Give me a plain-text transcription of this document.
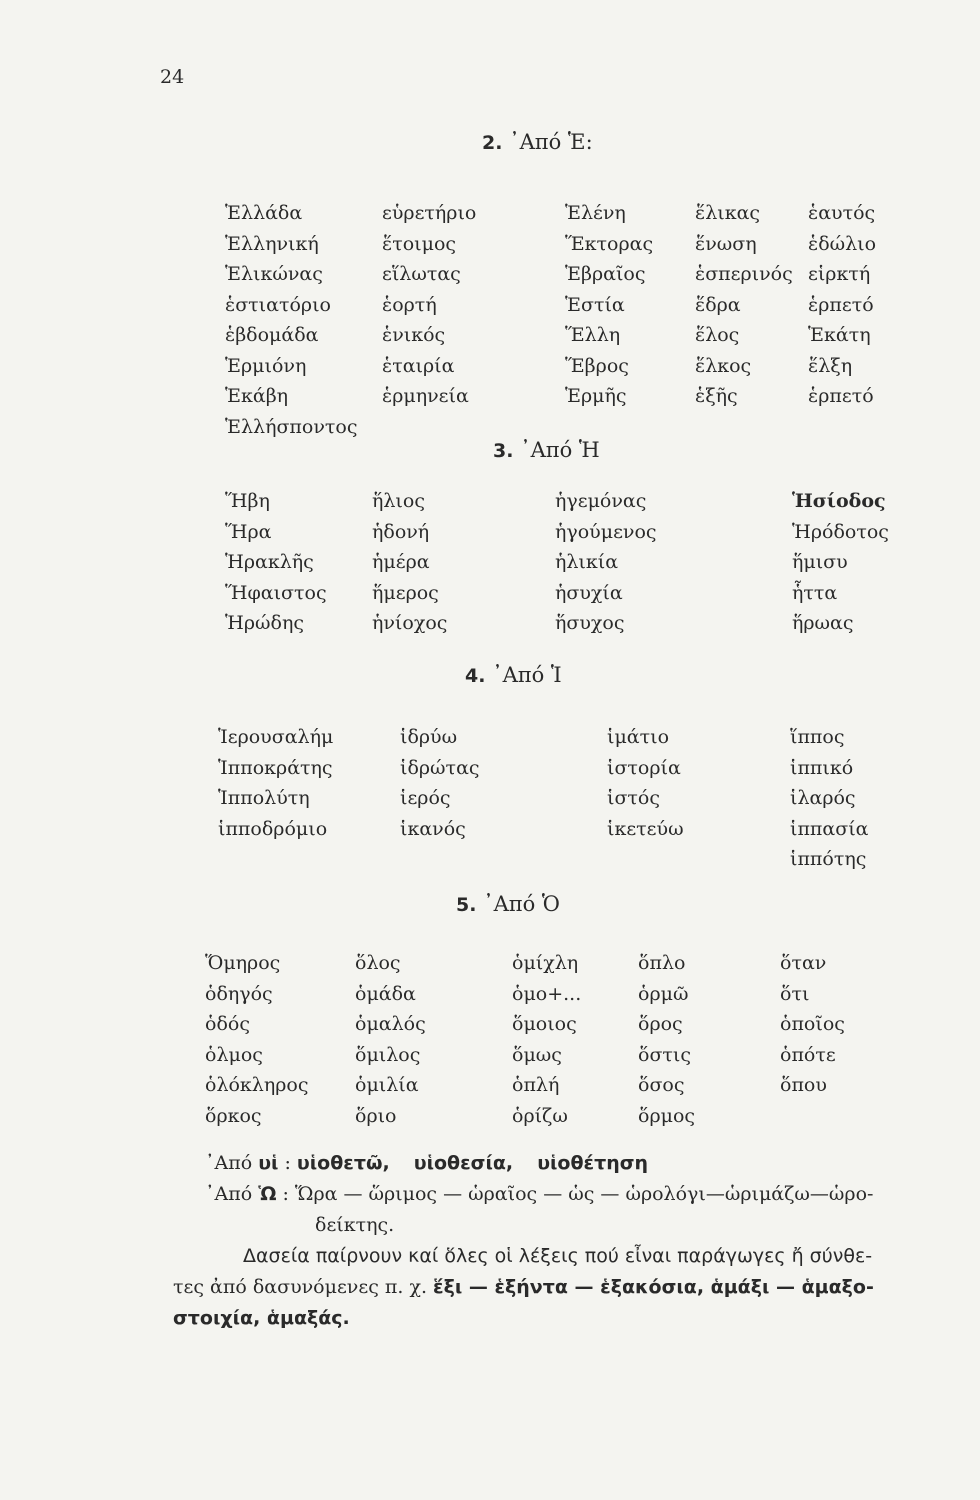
24
2. ᾿Από Ἑ:
Ἑλλάδα
Ἑλληνική
Ἑλικώνας
ἑστιατόριο
ἑβδομάδα
Ἑρμιόνη
Ἑκάβη
Ἑλλήσποντος
εὑρετήριο
ἕτοιμος
εἵλωτας
ἑορτή
ἑνικός
ἑταιρία
ἑρμηνεία
Ἑλένη
Ἕκτορας
Ἑβραῖος
Ἑστία
Ἕλλη
Ἕβρος
Ἑρμῆς
ἕλικας
ἕνωση
ἑσπερινός
ἕδρα
ἕλος
ἕλκος
ἑξῆς
ἑαυτός
ἑδώλιο
εἱρκτή
ἑρπετό
Ἑκάτη
ἕλξη
ἑρπετό
3. ᾿Από Ἡ
Ἥβη
Ἥρα
Ἡρακλῆς
Ἥφαιστος
Ἡρώδης
ἥλιος
ἡδονή
ἡμέρα
ἥμερος
ἡνίοχος
ἡγεμόνας
ἡγούμενος
ἡλικία
ἡσυχία
ἥσυχος
Ἡσίοδος
Ἡρόδοτος
ἥμισυ
ἧττα
ἥρωας
4. ᾿Από Ἱ
Ἱερουσαλήμ
Ἱπποκράτης
Ἱππολύτη
ἱπποδρόμιο
ἱδρύω
ἱδρώτας
ἱερός
ἱκανός
ἱμάτιο
ἱστορία
ἱστός
ἱκετεύω
ἵππος
ἱππικό
ἱλαρός
ἱππασία
ἱππότης
5. ᾿Από Ὁ
Ὅμηρος
ὁδηγός
ὁδός
ὁλμος
ὁλόκληρος
ὅρκος
ὅλος
ὁμάδα
ὁμαλός
ὅμιλος
ὁμιλία
ὅριο
ὁμίχλη
ὁμο+...
ὅμοιος
ὅμως
ὁπλή
ὁρίζω
ὅπλο
ὁρμῶ
ὅρος
ὅστις
ὅσος
ὅρμος
ὅταν
ὅτι
ὁποῖος
ὁπότε
ὅπου
᾿Από υἱ : υἱοθετῶ, υἱοθεσία, υἱοθέτηση
᾿Από Ὡ : Ὥρα — ὥριμος — ὡραῖος — ὡς — ὡρολόγι—ὡριμάζω—ὡρο-
δείκτης.
Δασεία παίρνουν καί ὅλες οἱ λέξεις πού εἶναι παράγωγες ἤ σύνθε-
τες ἀπό δασυνόμενες π. χ. ἕξι — ἑξήντα — ἑξακόσια, ἁμάξι — ἁμαξο-
στοιχία, ἁμαξάς.
